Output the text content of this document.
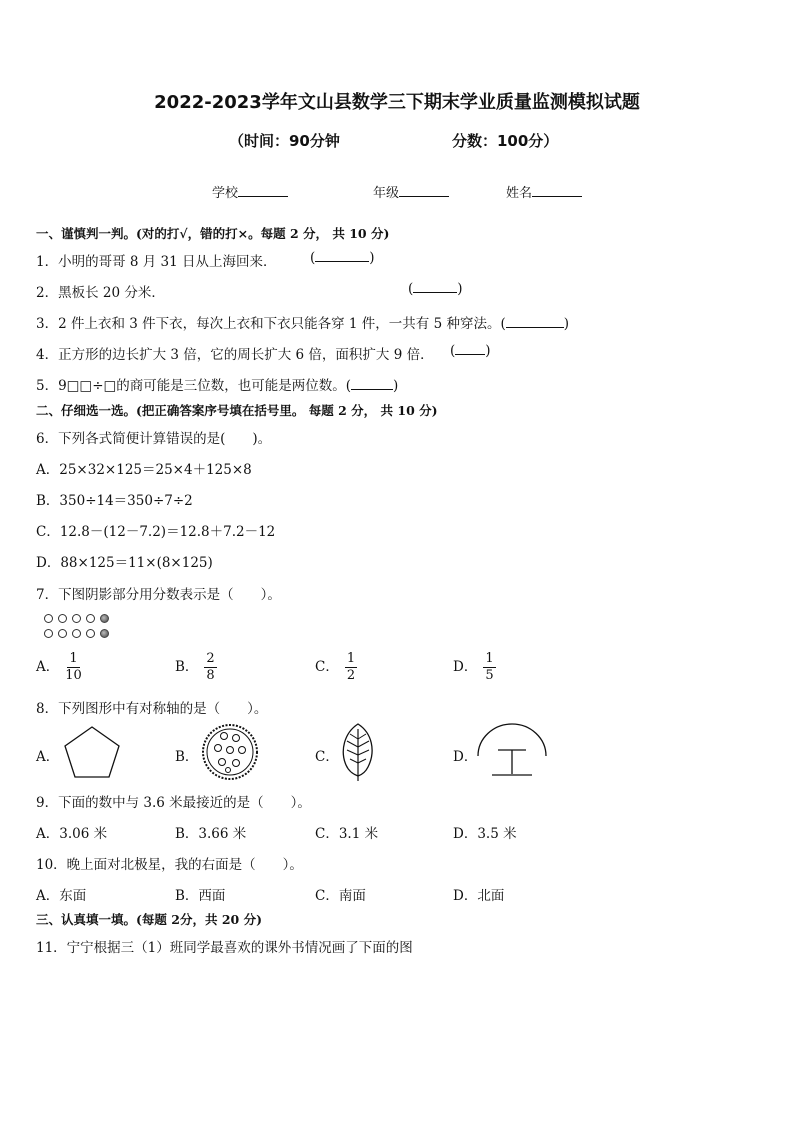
2022-2023学年文山县数学三下期末学业质量监测模拟试题
（时间：90分钟	分数：100分）
学校	年级	姓名
一、谨慎判一判。(对的打√，错的打×。每题 2 分， 共 10 分)
1．小明的哥哥 8 月 31 日从上海回来． (	)
2．黑板长 20 分米．	(	)
3．2 件上衣和 3 件下衣，每次上衣和下衣只能各穿 1 件，一共有 5 种穿法。(	)
4．正方形的边长扩大 3 倍，它的周长扩大 6 倍，面积扩大 9 倍． ( )
5．9□□÷□的商可能是三位数，也可能是两位数。(	)
二、仔细选一选。(把正确答案序号填在括号里。 每题 2 分， 共 10 分)
6．下列各式简便计算错误的是(　　)。
A．25×32×125＝25×4＋125×8
B．350÷14＝350÷7÷2
C．12.8－(12－7.2)＝12.8＋7.2－12
D．88×125＝11×(8×125)
7．下图阴影部分用分数表示是（　　）。
A． $\frac{1}{10}$	B． $\frac{2}{8}$	C． $\frac{1}{2}$	D． $\frac{1}{5}$
8．下列图形中有对称轴的是（　　）。
A．	B．	C．	D．
9．下面的数中与 3.6 米最接近的是（　　）。
A．3.06 米	B．3.66 米	C．3.1 米	D．3.5 米
10．晚上面对北极星，我的右面是（　　）。
A．东面	B．西面	C．南面	D．北面
三、认真填一填。(每题 2分，共 20 分)
11．宁宁根据三（1）班同学最喜欢的课外书情况画了下面的图
